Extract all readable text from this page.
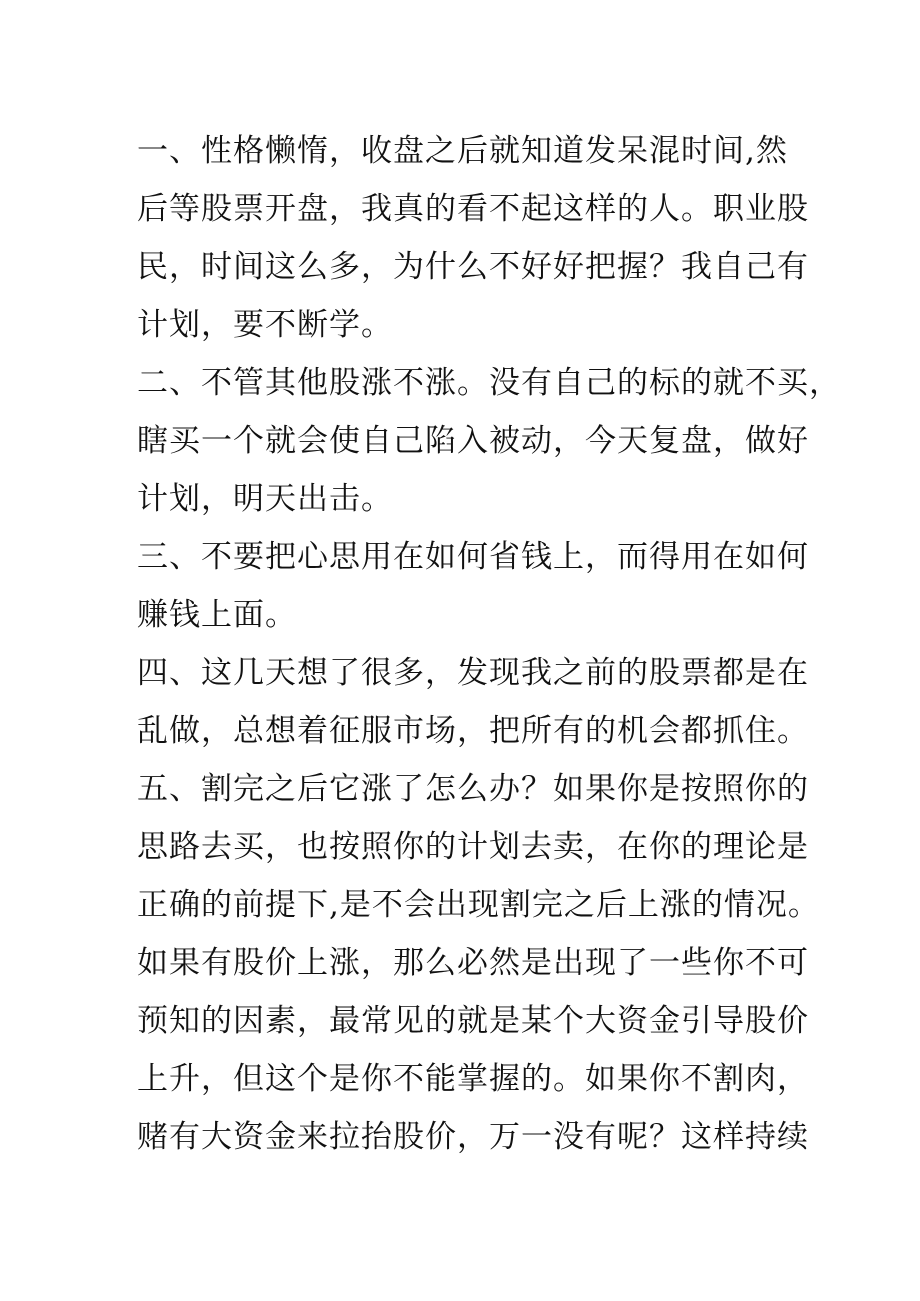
一、性格懒惰，收盘之后就知道发呆混时间,然
后等股票开盘，我真的看不起这样的人。职业股
民，时间这么多，为什么不好好把握？我自己有
计划，要不断学。
二、不管其他股涨不涨。没有自己的标的就不买，
瞎买一个就会使自己陷入被动，今天复盘，做好
计划，明天出击。
三、不要把心思用在如何省钱上，而得用在如何
赚钱上面。
四、这几天想了很多，发现我之前的股票都是在
乱做，总想着征服市场，把所有的机会都抓住。
五、割完之后它涨了怎么办？如果你是按照你的
思路去买，也按照你的计划去卖，在你的理论是
正确的前提下,是不会出现割完之后上涨的情况。
如果有股价上涨，那么必然是出现了一些你不可
预知的因素，最常见的就是某个大资金引导股价
上升，但这个是你不能掌握的。如果你不割肉，
赌有大资金来拉抬股价，万一没有呢？这样持续
